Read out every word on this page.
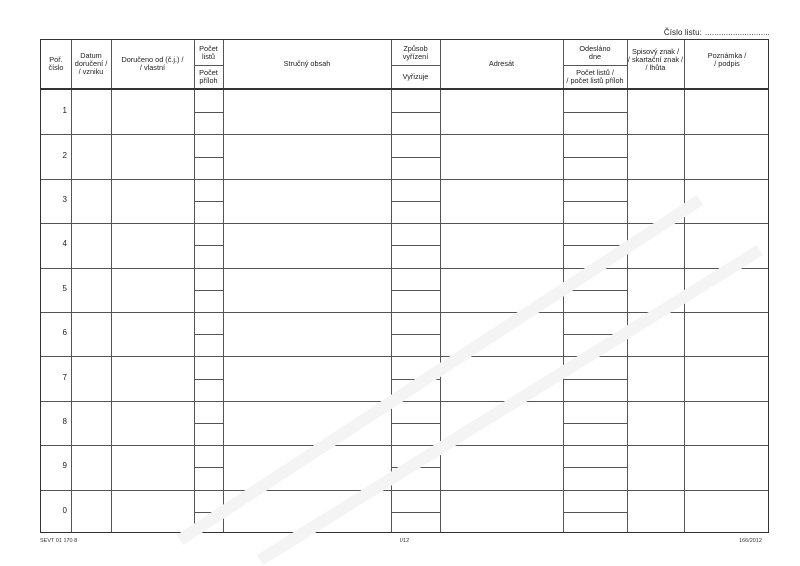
Číslo listu: ............................
Poř.
číslo
Datum
doručení /
/ vzniku
Doručeno od (č.j.) /
/ vlastní
Počet
listů
Počet
příloh
Stručný obsah
Způsob
vyřízení
Vyřizuje
Adresát
Odesláno
dne
Počet listů /
/ počet listů příloh
Spisový znak /
/ skartační znak /
/ lhůta
Poznámka /
/ podpis
1
2
3
4
5
6
7
8
9
0
SEVT 01 170 8	I/12	166/2012
